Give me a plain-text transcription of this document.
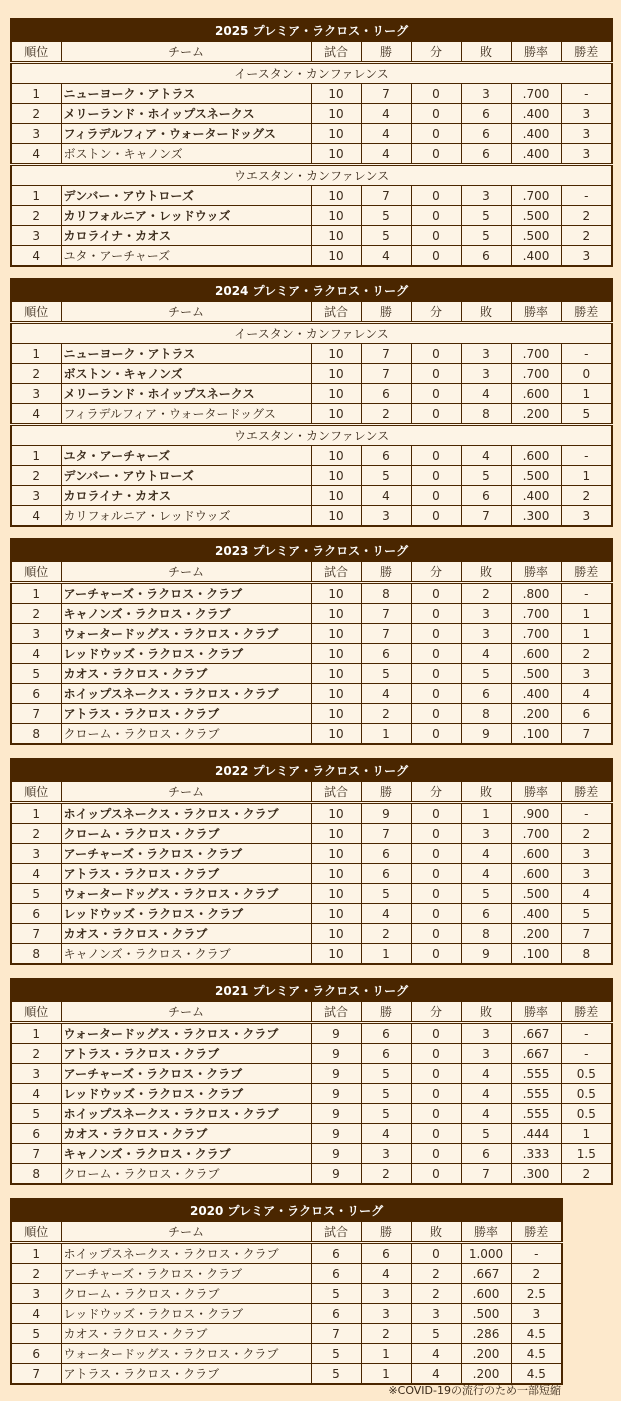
2025 プレミア・ラクロス・リーグ							
順位	チーム	試合	勝	分	敗	勝率	勝差
イースタン・カンファレンス							
1	ニューヨーク・アトラス	10	7	0	3	.700	-
2	メリーランド・ホイップスネークス	10	4	0	6	.400	3
3	フィラデルフィア・ウォータードッグス	10	4	0	6	.400	3
4	ボストン・キャノンズ	10	4	0	6	.400	3
ウエスタン・カンファレンス							
1	デンバー・アウトローズ	10	7	0	3	.700	-
2	カリフォルニア・レッドウッズ	10	5	0	5	.500	2
3	カロライナ・カオス	10	5	0	5	.500	2
4	ユタ・アーチャーズ	10	4	0	6	.400	3
2024 プレミア・ラクロス・リーグ							
順位	チーム	試合	勝	分	敗	勝率	勝差
イースタン・カンファレンス							
1	ニューヨーク・アトラス	10	7	0	3	.700	-
2	ボストン・キャノンズ	10	7	0	3	.700	0
3	メリーランド・ホイップスネークス	10	6	0	4	.600	1
4	フィラデルフィア・ウォータードッグス	10	2	0	8	.200	5
ウエスタン・カンファレンス							
1	ユタ・アーチャーズ	10	6	0	4	.600	-
2	デンバー・アウトローズ	10	5	0	5	.500	1
3	カロライナ・カオス	10	4	0	6	.400	2
4	カリフォルニア・レッドウッズ	10	3	0	7	.300	3
2023 プレミア・ラクロス・リーグ							
順位	チーム	試合	勝	分	敗	勝率	勝差
1	アーチャーズ・ラクロス・クラブ	10	8	0	2	.800	-
2	キャノンズ・ラクロス・クラブ	10	7	0	3	.700	1
3	ウォータードッグス・ラクロス・クラブ	10	7	0	3	.700	1
4	レッドウッズ・ラクロス・クラブ	10	6	0	4	.600	2
5	カオス・ラクロス・クラブ	10	5	0	5	.500	3
6	ホイップスネークス・ラクロス・クラブ	10	4	0	6	.400	4
7	アトラス・ラクロス・クラブ	10	2	0	8	.200	6
8	クローム・ラクロス・クラブ	10	1	0	9	.100	7
2022 プレミア・ラクロス・リーグ							
順位	チーム	試合	勝	分	敗	勝率	勝差
1	ホイップスネークス・ラクロス・クラブ	10	9	0	1	.900	-
2	クローム・ラクロス・クラブ	10	7	0	3	.700	2
3	アーチャーズ・ラクロス・クラブ	10	6	0	4	.600	3
4	アトラス・ラクロス・クラブ	10	6	0	4	.600	3
5	ウォータードッグス・ラクロス・クラブ	10	5	0	5	.500	4
6	レッドウッズ・ラクロス・クラブ	10	4	0	6	.400	5
7	カオス・ラクロス・クラブ	10	2	0	8	.200	7
8	キャノンズ・ラクロス・クラブ	10	1	0	9	.100	8
2021 プレミア・ラクロス・リーグ							
順位	チーム	試合	勝	分	敗	勝率	勝差
1	ウォータードッグス・ラクロス・クラブ	9	6	0	3	.667	-
2	アトラス・ラクロス・クラブ	9	6	0	3	.667	-
3	アーチャーズ・ラクロス・クラブ	9	5	0	4	.555	0.5
4	レッドウッズ・ラクロス・クラブ	9	5	0	4	.555	0.5
5	ホイップスネークス・ラクロス・クラブ	9	5	0	4	.555	0.5
6	カオス・ラクロス・クラブ	9	4	0	5	.444	1
7	キャノンズ・ラクロス・クラブ	9	3	0	6	.333	1.5
8	クローム・ラクロス・クラブ	9	2	0	7	.300	2
2020 プレミア・ラクロス・リーグ						
順位	チーム	試合	勝	敗	勝率	勝差
1	ホイップスネークス・ラクロス・クラブ	6	6	0	1.000	-
2	アーチャーズ・ラクロス・クラブ	6	4	2	.667	2
3	クローム・ラクロス・クラブ	5	3	2	.600	2.5
4	レッドウッズ・ラクロス・クラブ	6	3	3	.500	3
5	カオス・ラクロス・クラブ	7	2	5	.286	4.5
6	ウォータードッグス・ラクロス・クラブ	5	1	4	.200	4.5
7	アトラス・ラクロス・クラブ	5	1	4	.200	4.5
※COVID-19の流行のため一部短縮
